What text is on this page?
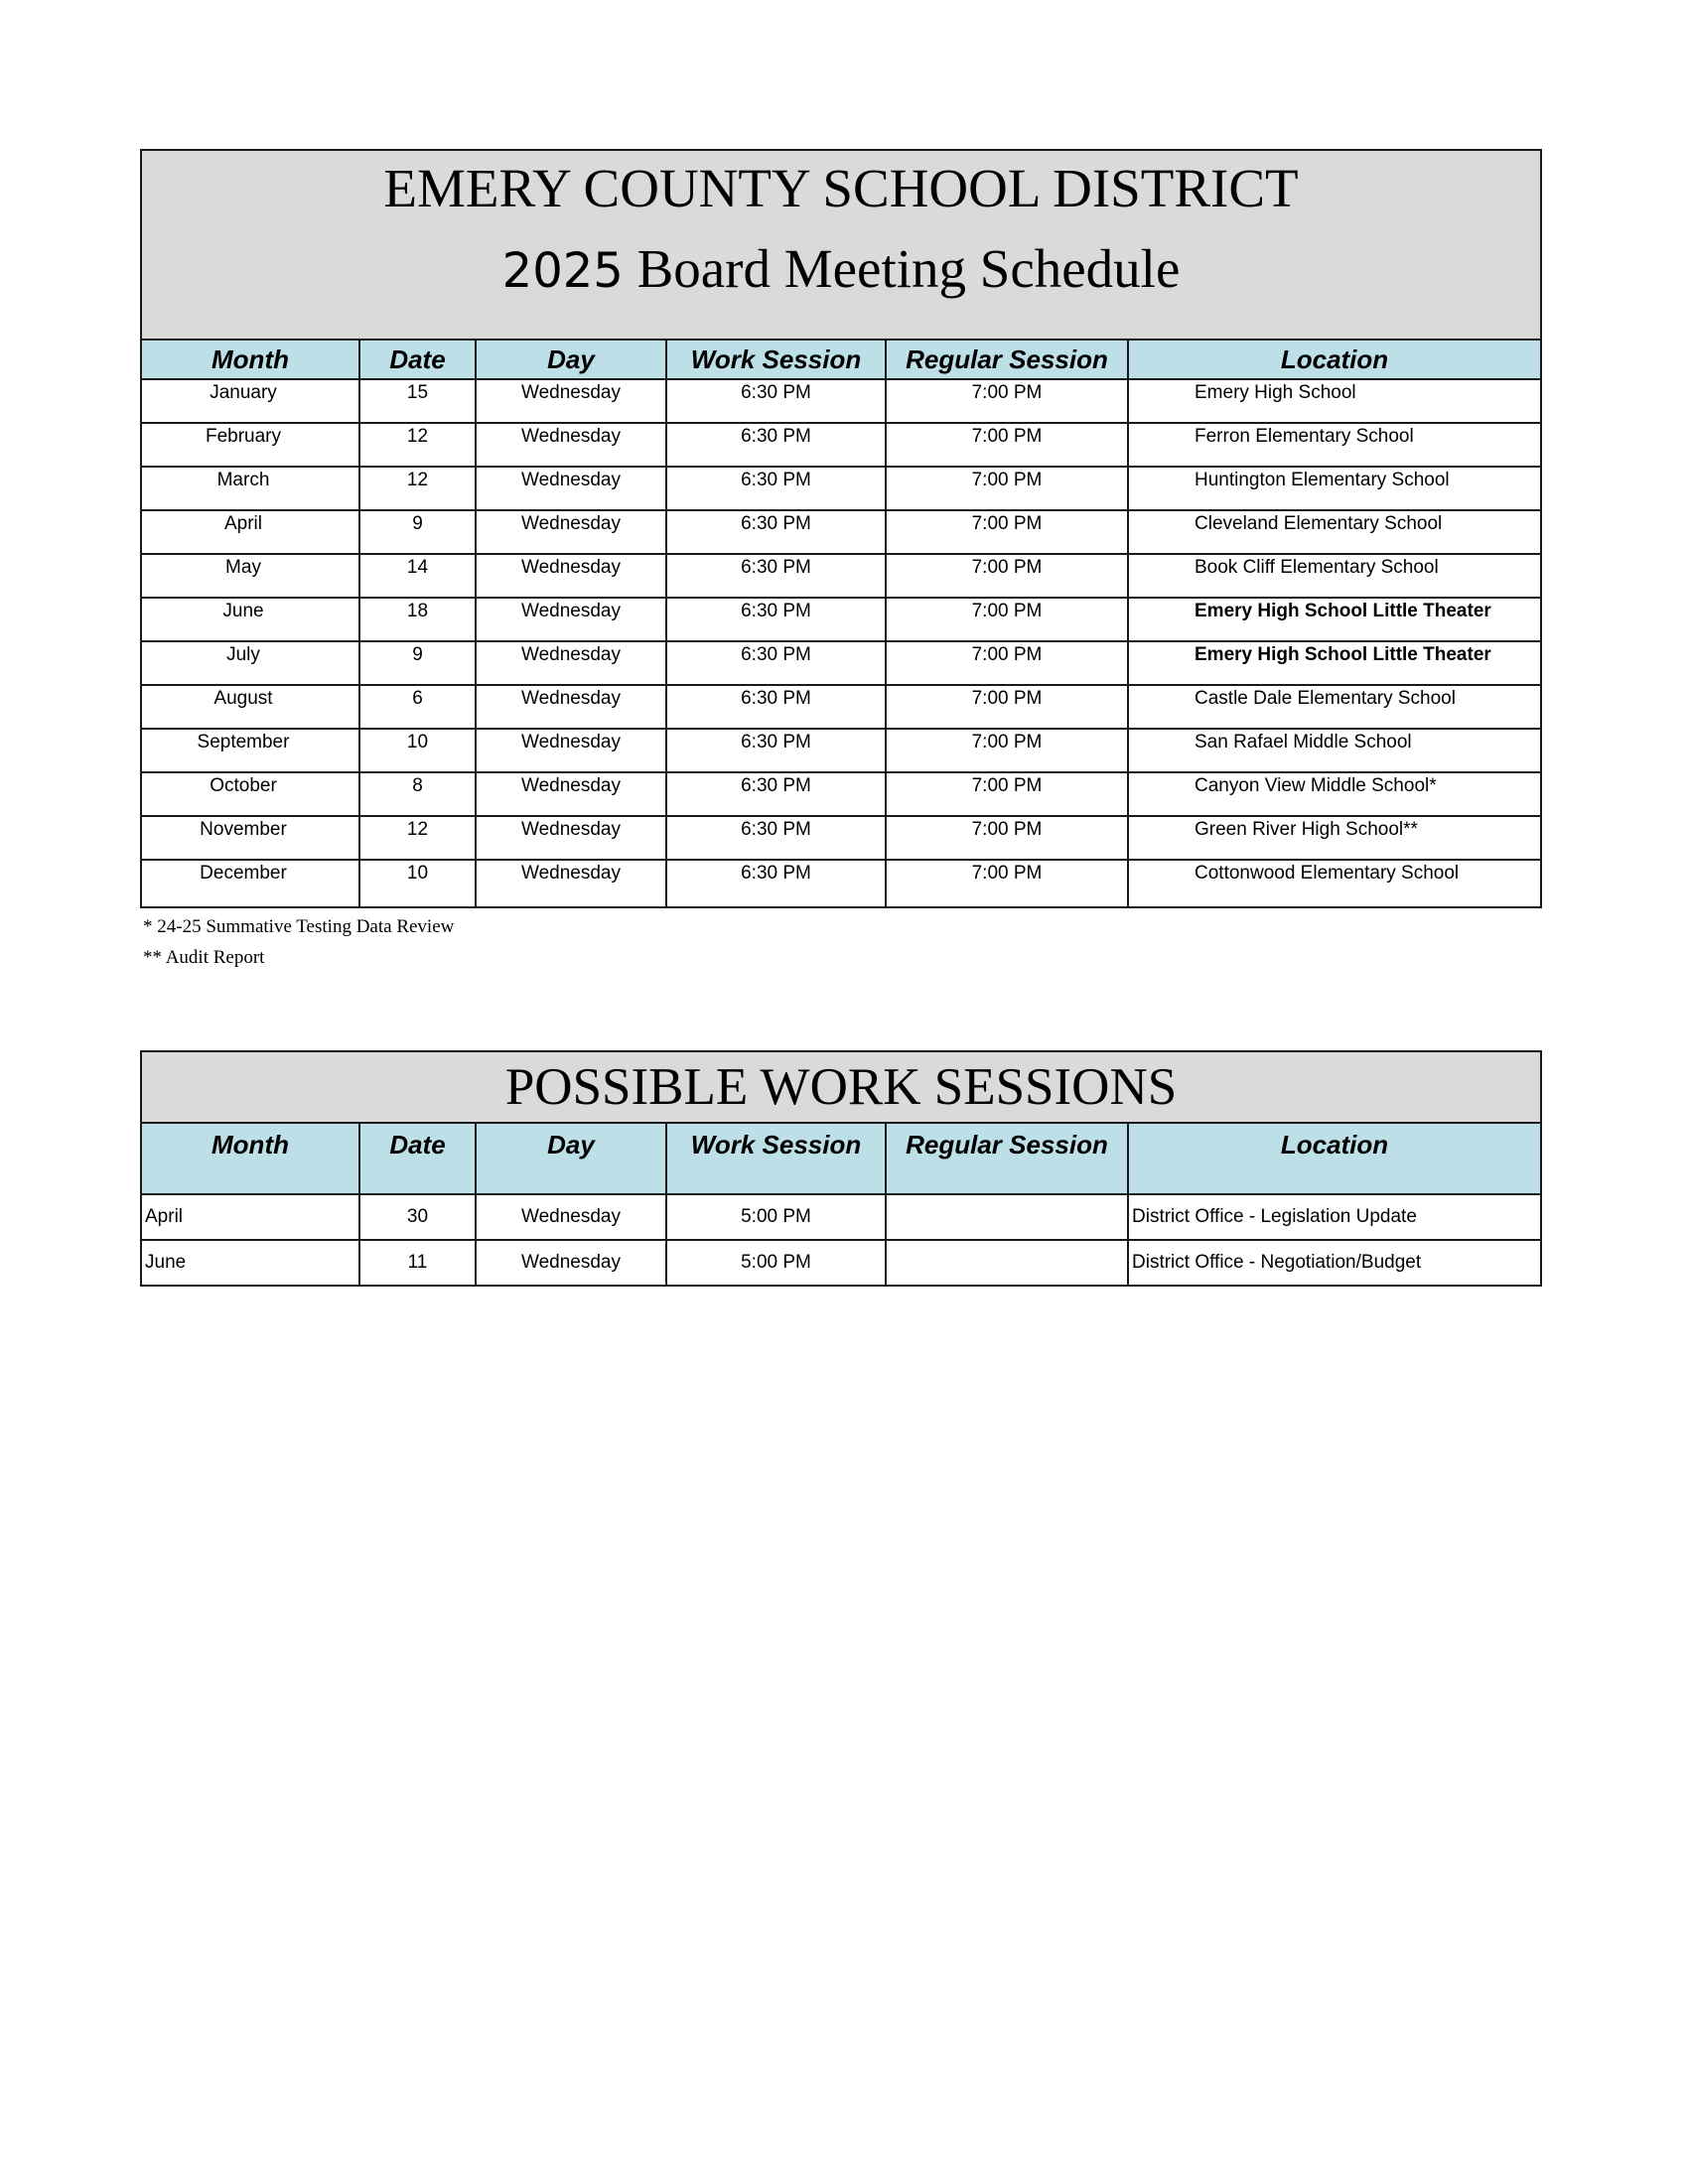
EMERY COUNTY SCHOOL DISTRICT
2025 Board Meeting Schedule					

Month	Date	Day	Work Session	Regular Session	Location
January	15	Wednesday	6:30 PM	7:00 PM	Emery High School
February	12	Wednesday	6:30 PM	7:00 PM	Ferron Elementary School
March	12	Wednesday	6:30 PM	7:00 PM	Huntington Elementary School
April	9	Wednesday	6:30 PM	7:00 PM	Cleveland Elementary School
May	14	Wednesday	6:30 PM	7:00 PM	Book Cliff Elementary School
June	18	Wednesday	6:30 PM	7:00 PM	Emery High School Little Theater
July	9	Wednesday	6:30 PM	7:00 PM	Emery High School Little Theater
August	6	Wednesday	6:30 PM	7:00 PM	Castle Dale Elementary School
September	10	Wednesday	6:30 PM	7:00 PM	San Rafael Middle School
October	8	Wednesday	6:30 PM	7:00 PM	Canyon View Middle School*
November	12	Wednesday	6:30 PM	7:00 PM	Green River High School**
December	10	Wednesday	6:30 PM	7:00 PM	Cottonwood Elementary School
* 24-25 Summative Testing Data Review
** Audit Report
POSSIBLE WORK SESSIONS					
Month	Date	Day	Work Session	Regular Session	Location
April	30	Wednesday	5:00 PM		District Office - Legislation Update
June	11	Wednesday	5:00 PM		District Office - Negotiation/Budget
